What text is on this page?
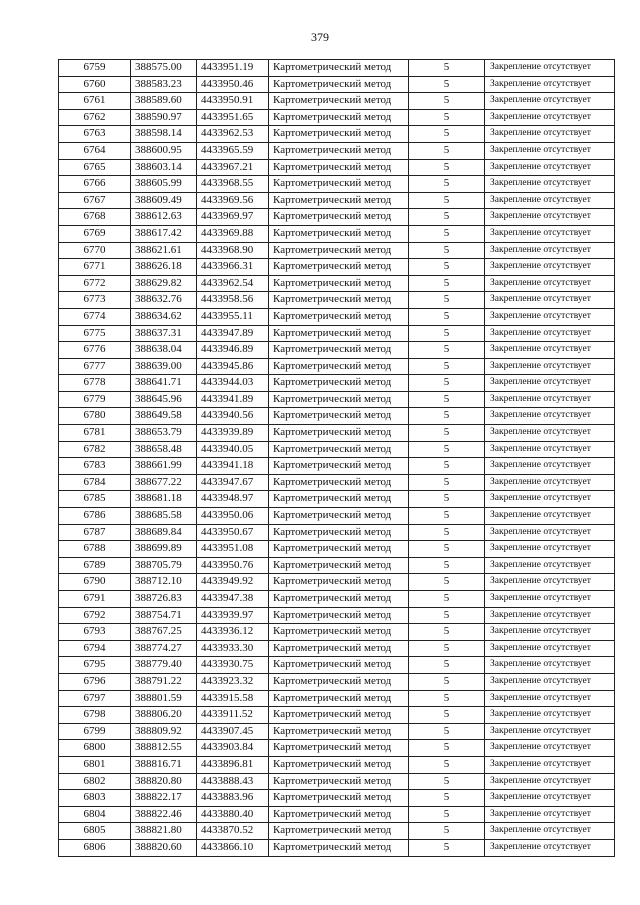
379
6759	388575.00	4433951.19	Картометрический метод	5	Закрепление отсутствует
6760	388583.23	4433950.46	Картометрический метод	5	Закрепление отсутствует
6761	388589.60	4433950.91	Картометрический метод	5	Закрепление отсутствует
6762	388590.97	4433951.65	Картометрический метод	5	Закрепление отсутствует
6763	388598.14	4433962.53	Картометрический метод	5	Закрепление отсутствует
6764	388600.95	4433965.59	Картометрический метод	5	Закрепление отсутствует
6765	388603.14	4433967.21	Картометрический метод	5	Закрепление отсутствует
6766	388605.99	4433968.55	Картометрический метод	5	Закрепление отсутствует
6767	388609.49	4433969.56	Картометрический метод	5	Закрепление отсутствует
6768	388612.63	4433969.97	Картометрический метод	5	Закрепление отсутствует
6769	388617.42	4433969.88	Картометрический метод	5	Закрепление отсутствует
6770	388621.61	4433968.90	Картометрический метод	5	Закрепление отсутствует
6771	388626.18	4433966.31	Картометрический метод	5	Закрепление отсутствует
6772	388629.82	4433962.54	Картометрический метод	5	Закрепление отсутствует
6773	388632.76	4433958.56	Картометрический метод	5	Закрепление отсутствует
6774	388634.62	4433955.11	Картометрический метод	5	Закрепление отсутствует
6775	388637.31	4433947.89	Картометрический метод	5	Закрепление отсутствует
6776	388638.04	4433946.89	Картометрический метод	5	Закрепление отсутствует
6777	388639.00	4433945.86	Картометрический метод	5	Закрепление отсутствует
6778	388641.71	4433944.03	Картометрический метод	5	Закрепление отсутствует
6779	388645.96	4433941.89	Картометрический метод	5	Закрепление отсутствует
6780	388649.58	4433940.56	Картометрический метод	5	Закрепление отсутствует
6781	388653.79	4433939.89	Картометрический метод	5	Закрепление отсутствует
6782	388658.48	4433940.05	Картометрический метод	5	Закрепление отсутствует
6783	388661.99	4433941.18	Картометрический метод	5	Закрепление отсутствует
6784	388677.22	4433947.67	Картометрический метод	5	Закрепление отсутствует
6785	388681.18	4433948.97	Картометрический метод	5	Закрепление отсутствует
6786	388685.58	4433950.06	Картометрический метод	5	Закрепление отсутствует
6787	388689.84	4433950.67	Картометрический метод	5	Закрепление отсутствует
6788	388699.89	4433951.08	Картометрический метод	5	Закрепление отсутствует
6789	388705.79	4433950.76	Картометрический метод	5	Закрепление отсутствует
6790	388712.10	4433949.92	Картометрический метод	5	Закрепление отсутствует
6791	388726.83	4433947.38	Картометрический метод	5	Закрепление отсутствует
6792	388754.71	4433939.97	Картометрический метод	5	Закрепление отсутствует
6793	388767.25	4433936.12	Картометрический метод	5	Закрепление отсутствует
6794	388774.27	4433933.30	Картометрический метод	5	Закрепление отсутствует
6795	388779.40	4433930.75	Картометрический метод	5	Закрепление отсутствует
6796	388791.22	4433923.32	Картометрический метод	5	Закрепление отсутствует
6797	388801.59	4433915.58	Картометрический метод	5	Закрепление отсутствует
6798	388806.20	4433911.52	Картометрический метод	5	Закрепление отсутствует
6799	388809.92	4433907.45	Картометрический метод	5	Закрепление отсутствует
6800	388812.55	4433903.84	Картометрический метод	5	Закрепление отсутствует
6801	388816.71	4433896.81	Картометрический метод	5	Закрепление отсутствует
6802	388820.80	4433888.43	Картометрический метод	5	Закрепление отсутствует
6803	388822.17	4433883.96	Картометрический метод	5	Закрепление отсутствует
6804	388822.46	4433880.40	Картометрический метод	5	Закрепление отсутствует
6805	388821.80	4433870.52	Картометрический метод	5	Закрепление отсутствует
6806	388820.60	4433866.10	Картометрический метод	5	Закрепление отсутствует
